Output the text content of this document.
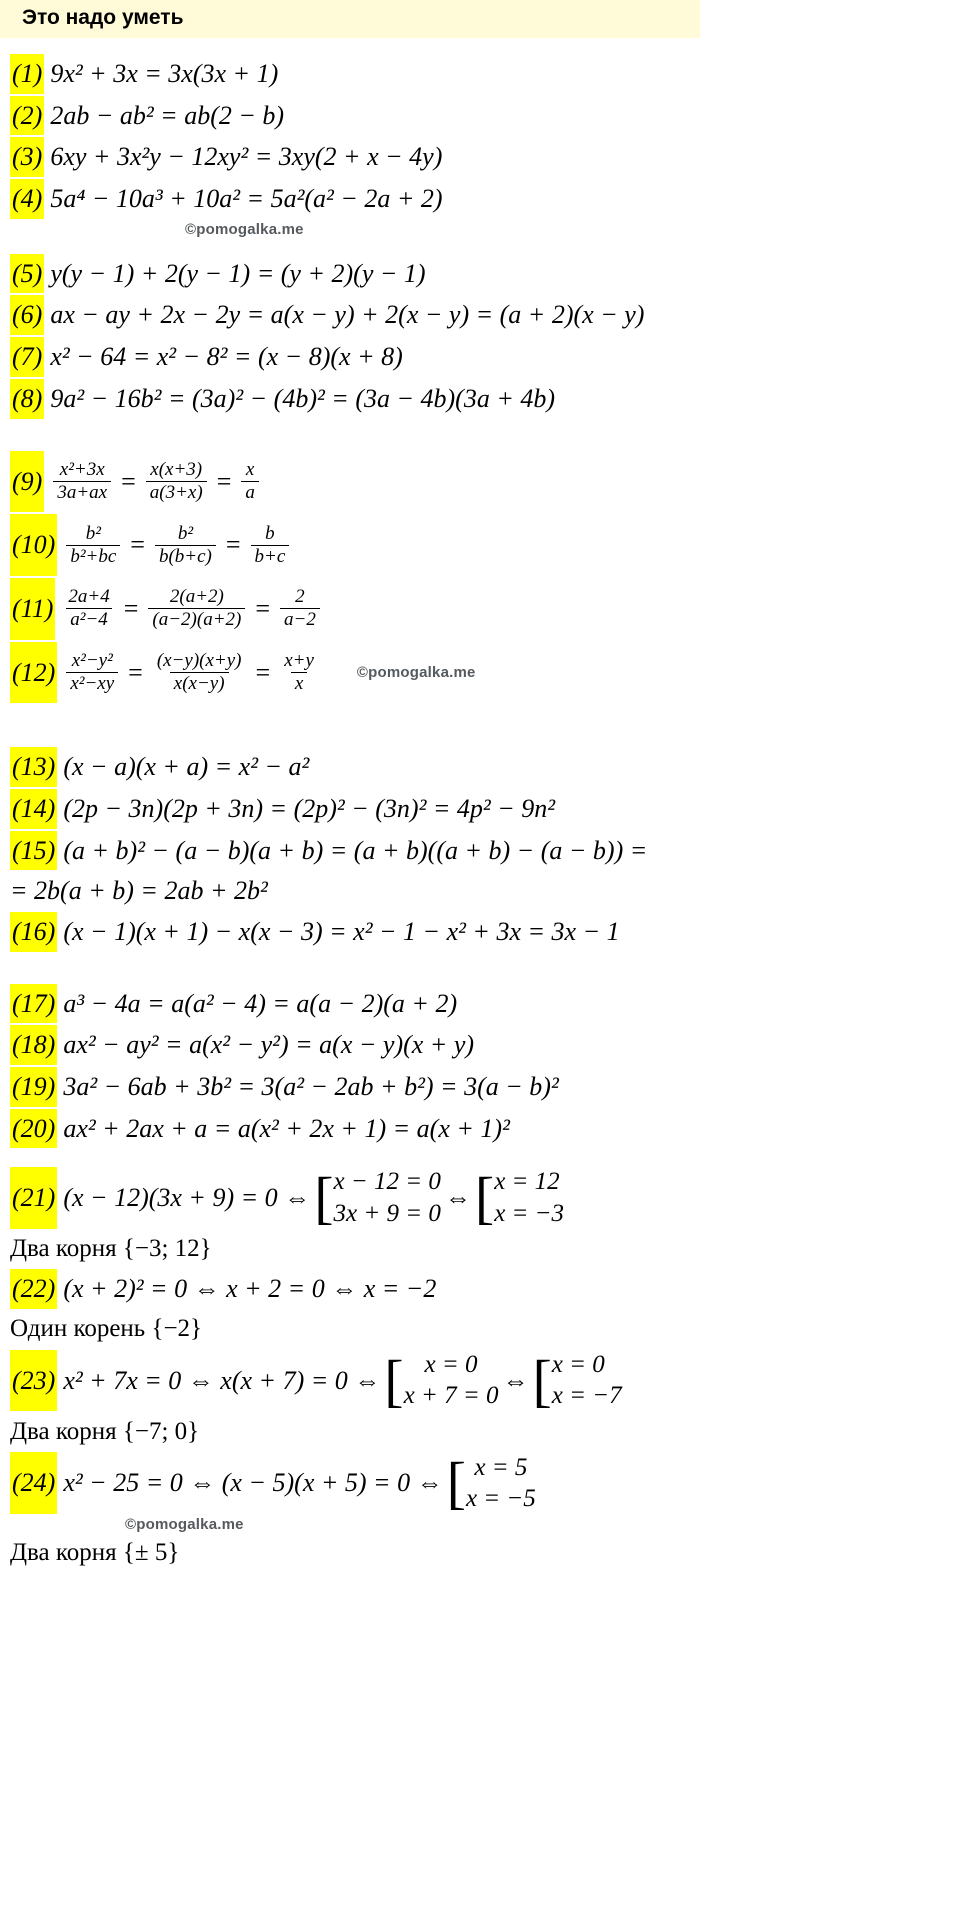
Это надо уметь
(1) 9x² + 3x = 3x(3x + 1)
(2) 2ab − ab² = ab(2 − b)
(3) 6xy + 3x²y − 12xy² = 3xy(2 + x − 4y)
(4) 5a⁴ − 10a³ + 10a² = 5a²(a² − 2a + 2)
©pomogalka.me
(5) y(y − 1) + 2(y − 1) = (y + 2)(y − 1)
(6) ax − ay + 2x − 2y = a(x − y) + 2(x − y) = (a + 2)(x − y)
(7) x² − 64 = x² − 8² = (x − 8)(x + 8)
(8) 9a² − 16b² = (3a)² − (4b)² = (3a − 4b)(3a + 4b)
$(9) \frac{\text{x²+3x}}{3a+ax} = \frac{x(x+3)}{a(3+x)} = \frac{x}{a}$
$(10) \frac{\text{b²}}{\text{b²+bc}} = \frac{\text{b²}}{b(b+c)} = \frac{b}{b+c}$
$(11) \frac{2a+4}{\text{a²−4}} = \frac{2(a+2)}{(a-2)(a+2)} = \frac{2}{a-2}$
$(12) \frac{\text{x²−y²}}{\text{x²−xy}} = \frac{(x-y)(x+y)}{x(x-y)} = \frac{x+y}{x}$	©pomogalka.me
(13) (x − a)(x + a) = x² − a²
(14) (2p − 3n)(2p + 3n) = (2p)² − (3n)² = 4p² − 9n²
(15) (a + b)² − (a − b)(a + b) = (a + b)((a + b) − (a − b)) =
= 2b(a + b) = 2ab + 2b²
(16) (x − 1)(x + 1) − x(x − 3) = x² − 1 − x² + 3x = 3x − 1
(17) a³ − 4a = a(a² − 4) = a(a − 2)(a + 2)
(18) ax² − ay² = a(x² − y²) = a(x − y)(x + y)
(19) 3a² − 6ab + 3b² = 3(a² − 2ab + b²) = 3(a − b)²
(20) ax² + 2ax + a = a(x² + 2x + 1) = a(x + 1)²
(21) (x − 12)(3x + 9) = 0 ⇔ [ x − 12 = 0
3x + 9 = 0
⇔ [ x = 12
x = −3
Два корня {−3; 12}
(22) (x + 2)² = 0 ⇔ x + 2 = 0 ⇔ x = −2
Один корень {−2}
(23) x² + 7x = 0 ⇔ x(x + 7) = 0 ⇔ [ x = 0
x + 7 = 0
⇔ [ x = 0
x = −7
Два корня {−7; 0}
(24) x² − 25 = 0 ⇔ (x − 5)(x + 5) = 0 ⇔ [ x = 5
x = −5
©pomogalka.me
Два корня {± 5}
